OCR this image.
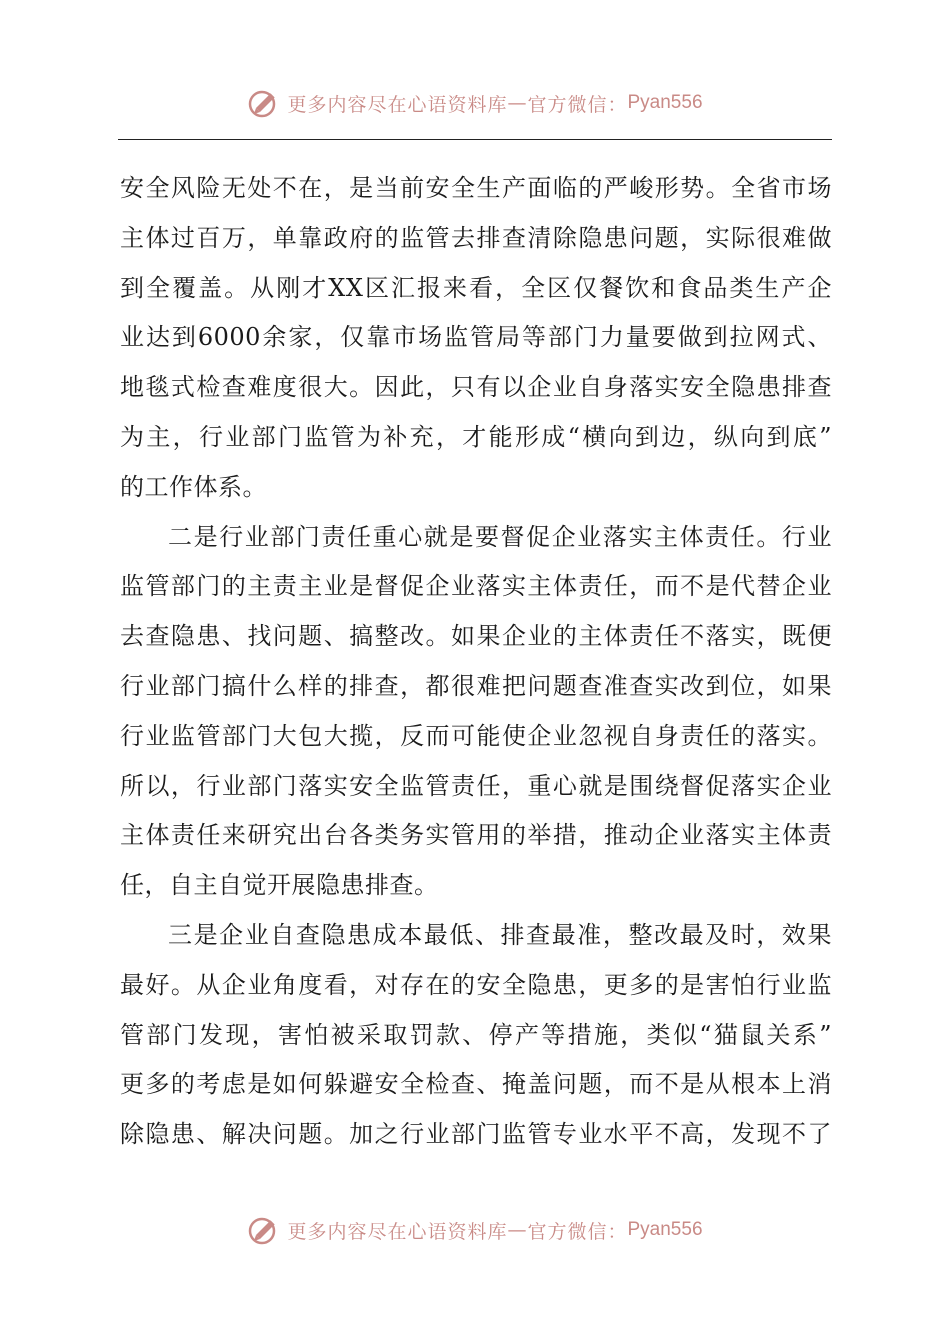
更多内容尽在心语资料库 — 官方微信： Pyan556
安全风险无处不在，是当前安全生产面临的严峻形势。全省市场
主体过百万，单靠政府的监管去排查清除隐患问题，实际很难做
到全覆盖。从刚才XX区汇报来看，全区仅餐饮和食品类生产企
业达到6000余家，仅靠市场监管局等部门力量要做到拉网式、
地毯式检查难度很大。因此，只有以企业自身落实安全隐患排查
为主，行业部门监管为补充，才能形成“横向到边，纵向到底”
的工作体系。
二是行业部门责任重心就是要督促企业落实主体责任。行业
监管部门的主责主业是督促企业落实主体责任，而不是代替企业
去查隐患、找问题、搞整改。如果企业的主体责任不落实，既便
行业部门搞什么样的排查，都很难把问题查准查实改到位，如果
行业监管部门大包大揽，反而可能使企业忽视自身责任的落实。
所以，行业部门落实安全监管责任，重心就是围绕督促落实企业
主体责任来研究出台各类务实管用的举措，推动企业落实主体责
任，自主自觉开展隐患排查。
三是企业自查隐患成本最低、排查最准，整改最及时，效果
最好。从企业角度看，对存在的安全隐患，更多的是害怕行业监
管部门发现，害怕被采取罚款、停产等措施，类似“猫鼠关系”
更多的考虑是如何躲避安全检查、掩盖问题，而不是从根本上消
除隐患、解决问题。加之行业部门监管专业水平不高，发现不了
更多内容尽在心语资料库 — 官方微信： Pyan556
